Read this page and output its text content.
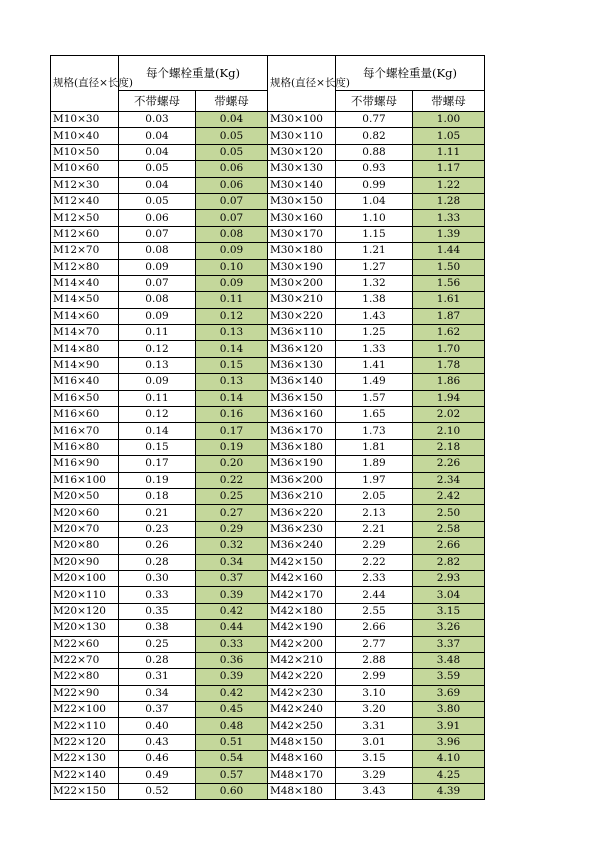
规格(直径×长度)	每个螺栓重量(Kg)		规格(直径×长度)	每个螺栓重量(Kg)	
	不带螺母	带螺母		不带螺母	带螺母
M10×30	0.03	0.04	M30×100	0.77	1.00
M10×40	0.04	0.05	M30×110	0.82	1.05
M10×50	0.04	0.05	M30×120	0.88	1.11
M10×60	0.05	0.06	M30×130	0.93	1.17
M12×30	0.04	0.06	M30×140	0.99	1.22
M12×40	0.05	0.07	M30×150	1.04	1.28
M12×50	0.06	0.07	M30×160	1.10	1.33
M12×60	0.07	0.08	M30×170	1.15	1.39
M12×70	0.08	0.09	M30×180	1.21	1.44
M12×80	0.09	0.10	M30×190	1.27	1.50
M14×40	0.07	0.09	M30×200	1.32	1.56
M14×50	0.08	0.11	M30×210	1.38	1.61
M14×60	0.09	0.12	M30×220	1.43	1.87
M14×70	0.11	0.13	M36×110	1.25	1.62
M14×80	0.12	0.14	M36×120	1.33	1.70
M14×90	0.13	0.15	M36×130	1.41	1.78
M16×40	0.09	0.13	M36×140	1.49	1.86
M16×50	0.11	0.14	M36×150	1.57	1.94
M16×60	0.12	0.16	M36×160	1.65	2.02
M16×70	0.14	0.17	M36×170	1.73	2.10
M16×80	0.15	0.19	M36×180	1.81	2.18
M16×90	0.17	0.20	M36×190	1.89	2.26
M16×100	0.19	0.22	M36×200	1.97	2.34
M20×50	0.18	0.25	M36×210	2.05	2.42
M20×60	0.21	0.27	M36×220	2.13	2.50
M20×70	0.23	0.29	M36×230	2.21	2.58
M20×80	0.26	0.32	M36×240	2.29	2.66
M20×90	0.28	0.34	M42×150	2.22	2.82
M20×100	0.30	0.37	M42×160	2.33	2.93
M20×110	0.33	0.39	M42×170	2.44	3.04
M20×120	0.35	0.42	M42×180	2.55	3.15
M20×130	0.38	0.44	M42×190	2.66	3.26
M22×60	0.25	0.33	M42×200	2.77	3.37
M22×70	0.28	0.36	M42×210	2.88	3.48
M22×80	0.31	0.39	M42×220	2.99	3.59
M22×90	0.34	0.42	M42×230	3.10	3.69
M22×100	0.37	0.45	M42×240	3.20	3.80
M22×110	0.40	0.48	M42×250	3.31	3.91
M22×120	0.43	0.51	M48×150	3.01	3.96
M22×130	0.46	0.54	M48×160	3.15	4.10
M22×140	0.49	0.57	M48×170	3.29	4.25
M22×150	0.52	0.60	M48×180	3.43	4.39
